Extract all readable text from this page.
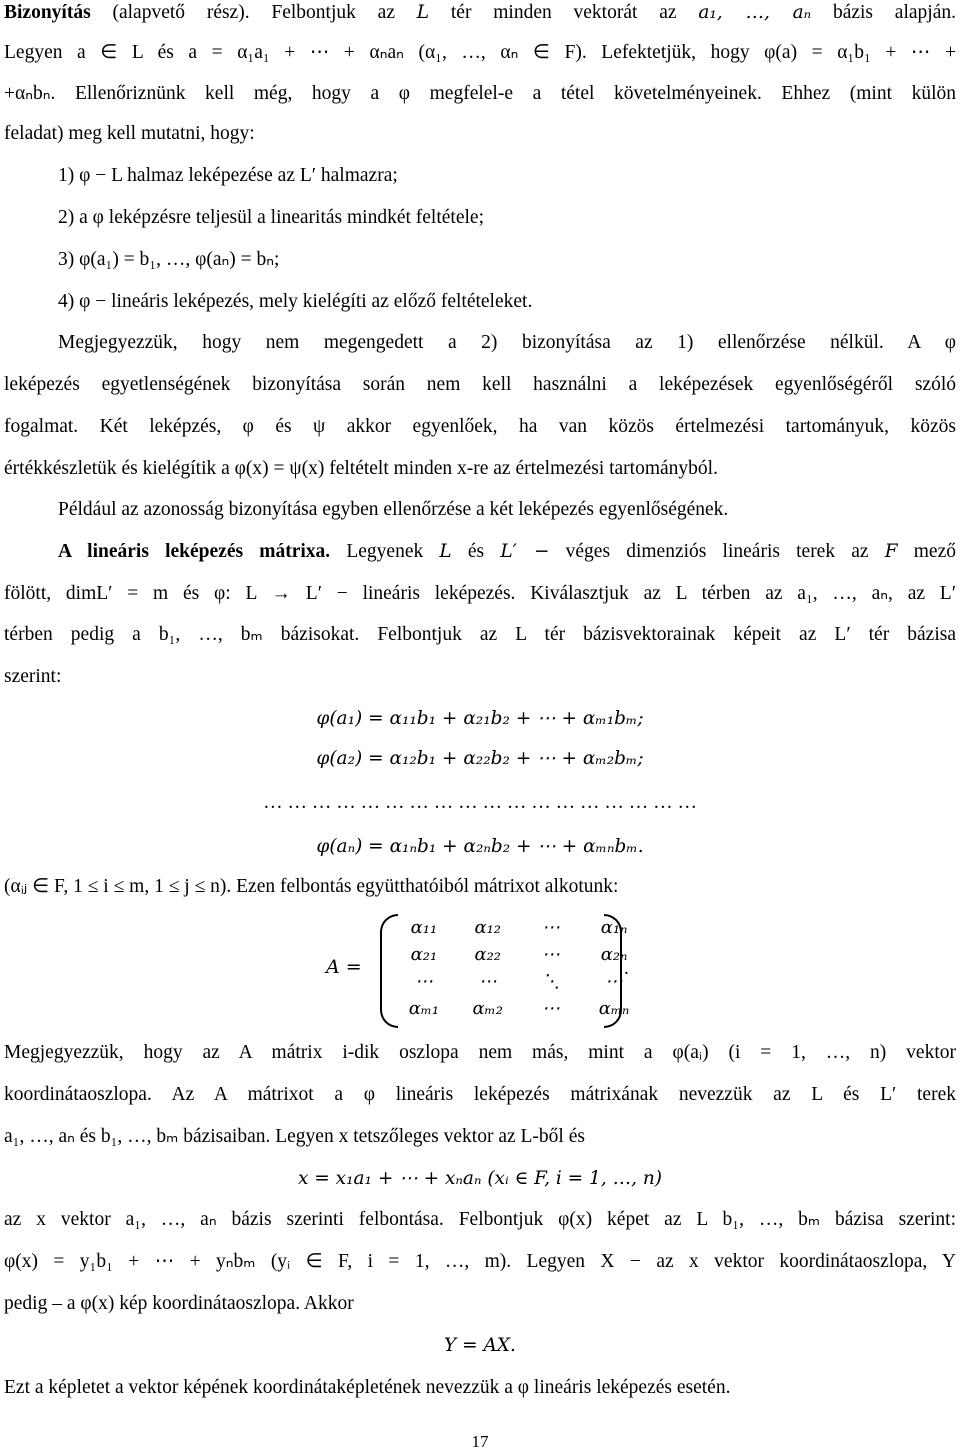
Bizonyítás (alapvető rész). Felbontjuk az L tér minden vektorát az a₁, …, aₙ bázis alapján.
Legyen a ∈ L és a = α₁a₁ + ⋯ + αₙaₙ (α₁, …, αₙ ∈ F). Lefektetjük, hogy φ(a) = α₁b₁ + ⋯ +
+αₙbₙ. Ellenőriznünk kell még, hogy a φ megfelel-e a tétel követelményeinek. Ehhez (mint külön
feladat) meg kell mutatni, hogy:
1) φ − L halmaz leképezése az L′ halmazra;
2) a φ leképzésre teljesül a linearitás mindkét feltétele;
3) φ(a₁) = b₁, …, φ(aₙ) = bₙ;
4) φ − lineáris leképezés, mely kielégíti az előző feltételeket.
Megjegyezzük, hogy nem megengedett a 2) bizonyítása az 1) ellenőrzése nélkül. A φ
leképezés egyetlenségének bizonyítása során nem kell használni a leképezések egyenlőségéről szóló
fogalmat. Két leképzés, φ és ψ akkor egyenlőek, ha van közös értelmezési tartományuk, közös
értékkészletük és kielégítik a φ(x) = ψ(x) feltételt minden x-re az értelmezési tartományból.
Például az azonosság bizonyítása egyben ellenőrzése a két leképezés egyenlőségének.
A lineáris leképezés mátrixa. Legyenek L és L′ − véges dimenziós lineáris terek az F mező
fölött, dimL′ = m és φ: L → L′ − lineáris leképezés. Kiválasztjuk az L térben az a₁, …, aₙ, az L′
térben pedig a b₁, …, bₘ bázisokat. Felbontjuk az L tér bázisvektorainak képeit az L′ tér bázisa
szerint:
φ(a₁) = α₁₁b₁ + α₂₁b₂ + ⋯ + αₘ₁bₘ;
φ(a₂) = α₁₂b₁ + α₂₂b₂ + ⋯ + αₘ₂bₘ;
… … … … … … … … … … … … … … … … … …
φ(aₙ) = α₁ₙb₁ + α₂ₙb₂ + ⋯ + αₘₙbₘ.
(αᵢⱼ ∈ F, 1 ≤ i ≤ m, 1 ≤ j ≤ n). Ezen felbontás együtthatóiból mátrixot alkotunk:
A =
α₁₁	α₁₂	⋯	α₁ₙ
α₂₁	α₂₂	⋯	α₂ₙ
⋯	⋯	⋱	⋯
αₘ₁	αₘ₂	⋯	αₘₙ
.
Megjegyezzük, hogy az A mátrix i-dik oszlopa nem más, mint a φ(aᵢ) (i = 1, …, n) vektor
koordinátaoszlopa. Az A mátrixot a φ lineáris leképezés mátrixának nevezzük az L és L′ terek
a₁, …, aₙ és b₁, …, bₘ bázisaiban. Legyen x tetszőleges vektor az L-ből és
x = x₁a₁ + ⋯ + xₙaₙ (xᵢ ∈ F, i = 1, …, n)
az x vektor a₁, …, aₙ bázis szerinti felbontása. Felbontjuk φ(x) képet az L b₁, …, bₘ bázisa szerint:
φ(x) = y₁b₁ + ⋯ + yₙbₘ (yᵢ ∈ F, i = 1, …, m). Legyen X − az x vektor koordinátaoszlopa, Y
pedig – a φ(x) kép koordinátaoszlopa. Akkor
Y = AX.
Ezt a képletet a vektor képének koordinátaképletének nevezzük a φ lineáris leképezés esetén.
17
